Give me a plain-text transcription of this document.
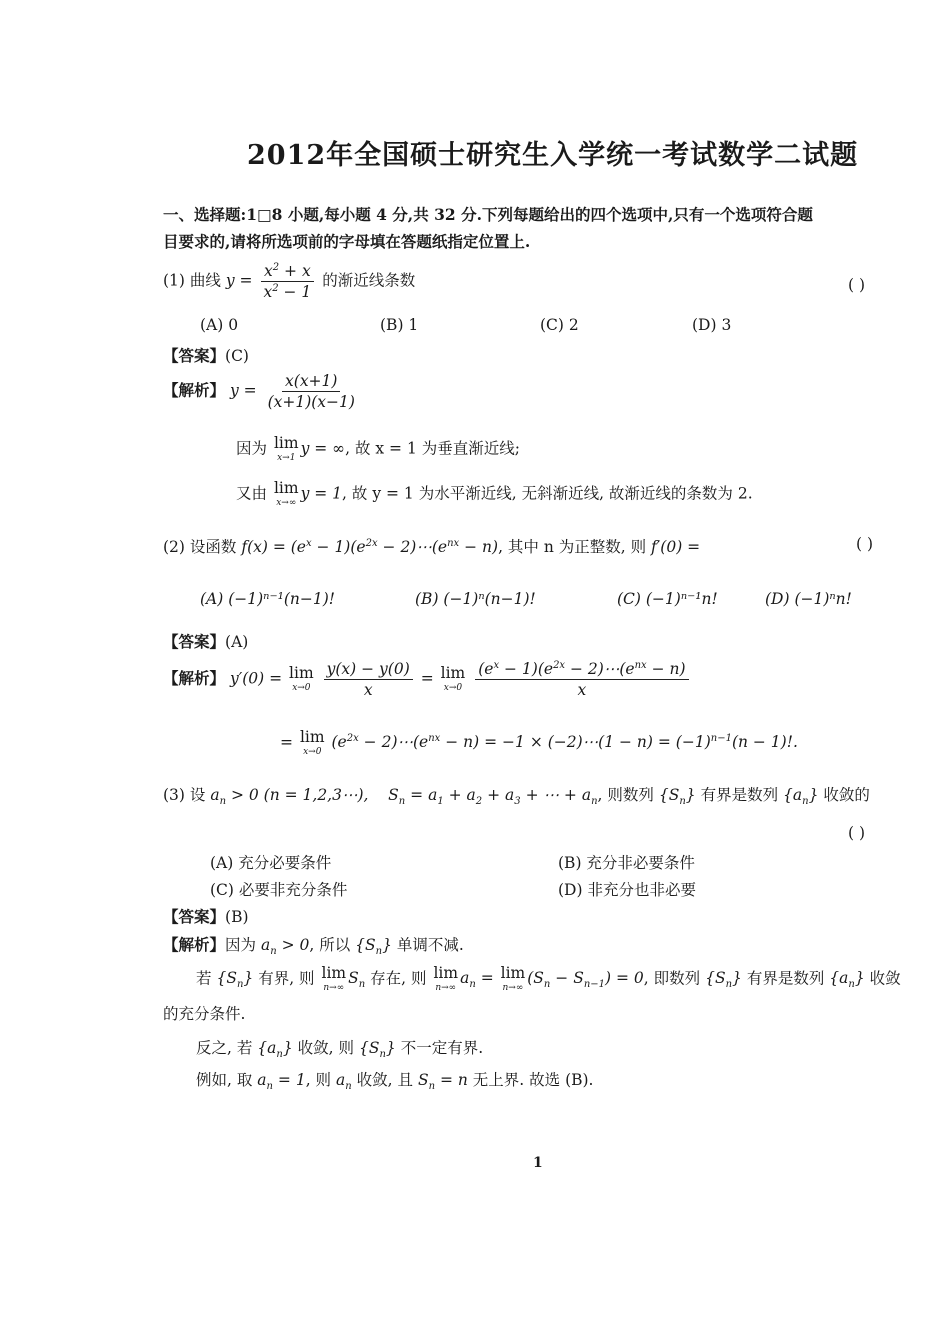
2012年全国硕士研究生入学统一考试数学二试题
一、选择题:1□8 小题,每小题 4 分,共 32 分.下列每题给出的四个选项中,只有一个选项符合题
目要求的,请将所选项前的字母填在答题纸指定位置上.
(1) 曲线 $y = \frac{x^2 + x}{x^2 - 1}$ 的渐近线条数	( )
(A) 0	(B) 1	(C) 2	(D) 3
【答案】(C)
【解析】 $y = \frac{x(x+1)}{(x+1)(x-1)}$
因为 lim
x→1
y = ∞, 故 x = 1 为垂直渐近线;
又由 lim
x→∞
y = 1, 故 y = 1 为水平渐近线, 无斜渐近线, 故渐近线的条数为 2.
(2) 设函数 $f(x) = (e^x - 1)(e^{2x}$ − $2)\cdots(e^{nx} - n)$, 其中 n 为正整数, 则 f′(0) =	( )
(A) (−1)ⁿ⁻¹(n−1)!	(B) (−1)ⁿ(n−1)!	(C) (−1)ⁿ⁻¹n!	(D) (−1)ⁿn!
【答案】(A)
【解析】 y′(0) = lim
x→0
$\frac{y(x) - y(0)}{x} = \lim$
x→0
$\frac{(e^x - 1)(e^{2x} - 2)\cdots(e^{nx} - n)}{x}$
= lim
x→0
($e^{2x}$ − $2)\cdots(e^{nx} - n) = -1$ × (−2)⋯(1 − $n) = (-1)^{n-1}(n - 1)$!.
(3) 设 $a_n > 0$ (n = 1,2,3⋯),    $S_n = a_1 + a_2 + a_3$ + ⋯ + $a_n$, 则数列 $\{S_n\}$ 有界是数列 $\{a_n\}$ 收敛的
( )
(A) 充分必要条件	(B) 充分非必要条件
(C) 必要非充分条件	(D) 非充分也非必要
【答案】(B)
【解析】因为 $a_n > 0$, 所以 $\{S_n\}$ 单调不减.
若 $\{S_n\}$ 有界, 则 lim
n→∞
$S_n$ 存在, 则 lim
n→∞
$a_n = \lim$
n→∞
$(S_n - S_{n-1}) = 0$, 即数列 $\{S_n\}$ 有界是数列 $\{a_n\}$ 收敛
的充分条件.
反之, 若 $\{a_n\}$ 收敛, 则 $\{S_n\}$ 不一定有界.
例如, 取 $a_n = 1$, 则 $a_n$ 收敛, 且 $S_n = n$ 无上界. 故选 (B).
1
